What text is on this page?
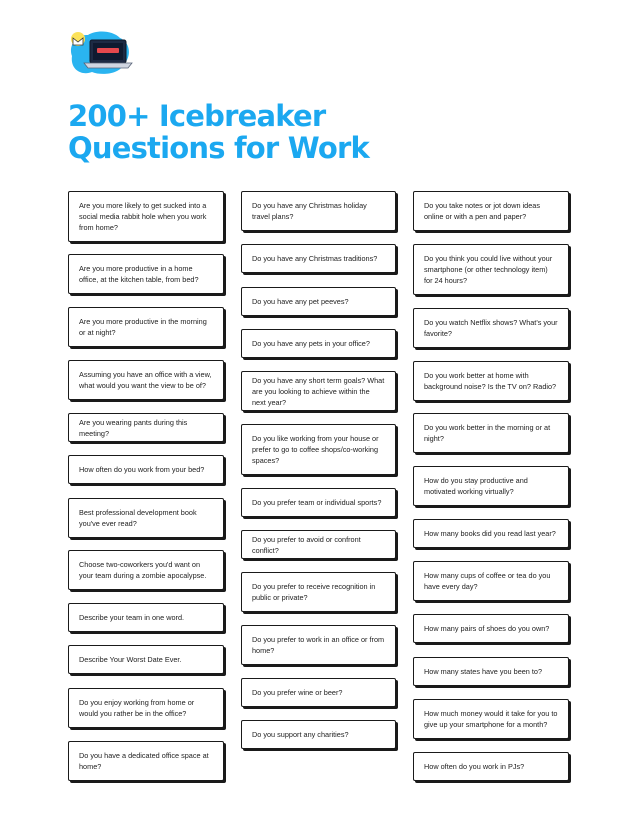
200+ Icebreaker
Questions for Work
Are you more likely to get sucked into a social media rabbit hole when you work from home?
Are you more productive in a home office, at the kitchen table, from bed?
Are you more productive in the morning or at night?
Assuming you have an office with a view, what would you want the view to be of?
Are you wearing pants during this meeting?
How often do you work from your bed?
Best professional development book you've ever read?
Choose two-coworkers you'd want on your team during a zombie apocalypse.
Describe your team in one word.
Describe Your Worst Date Ever.
Do you enjoy working from home or would you rather be in the office?
Do you have a dedicated office space at home?
Do you have any Christmas holiday travel plans?
Do you have any Christmas traditions?
Do you have any pet peeves?
Do you have any pets in your office?
Do you have any short term goals? What are you looking to achieve within the next year?
Do you like working from your house or prefer to go to coffee shops/co-working spaces?
Do you prefer team or individual sports?
Do you prefer to avoid or confront conflict?
Do you prefer to receive recognition in public or private?
Do you prefer to work in an office or from home?
Do you prefer wine or beer?
Do you support any charities?
Do you take notes or jot down ideas online or with a pen and paper?
Do you think you could live without your smartphone (or other technology item) for 24 hours?
Do you watch Netflix shows? What's your favorite?
Do you work better at home with background noise? Is the TV on? Radio?
Do you work better in the morning or at night?
How do you stay productive and motivated working virtually?
How many books did you read last year?
How many cups of coffee or tea do you have every day?
How many pairs of shoes do you own?
How many states have you been to?
How much money would it take for you to give up your smartphone for a month?
How often do you work in PJs?
